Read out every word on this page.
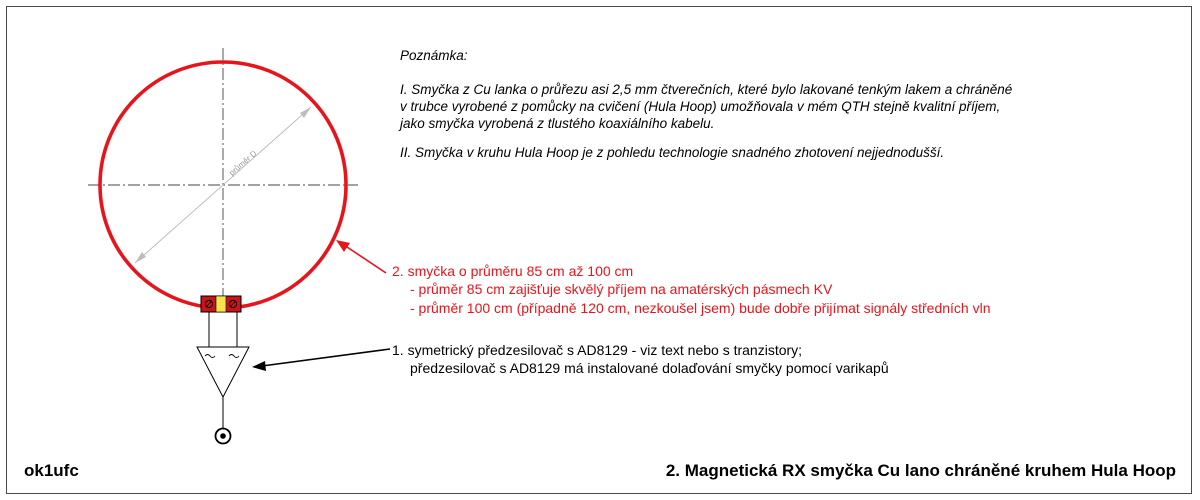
průměr D
Poznámka:
I. Smyčka z Cu lanka o průřezu asi 2,5 mm čtverečních, které bylo lakované tenkým lakem a chráněné
v trubce vyrobené z pomůcky na cvičení (Hula Hoop) umožňovala v mém QTH stejně kvalitní příjem,
jako smyčka vyrobená z tlustého koaxiálního kabelu.
II. Smyčka v kruhu Hula Hoop je z pohledu technologie snadného zhotovení nejjednodušší.
2. smyčka o průměru 85 cm až 100 cm
- průměr 85 cm zajišťuje skvělý příjem na amatérských pásmech KV
- průměr 100 cm (případně 120 cm, nezkoušel jsem) bude dobře přijímat signály středních vln
1. symetrický předzesilovač s AD8129 - viz text nebo s tranzistory;
předzesilovač s AD8129 má instalované dolaďování smyčky pomocí varikapů
ok1ufc	2. Magnetická RX smyčka Cu lano chráněné kruhem Hula Hoop
